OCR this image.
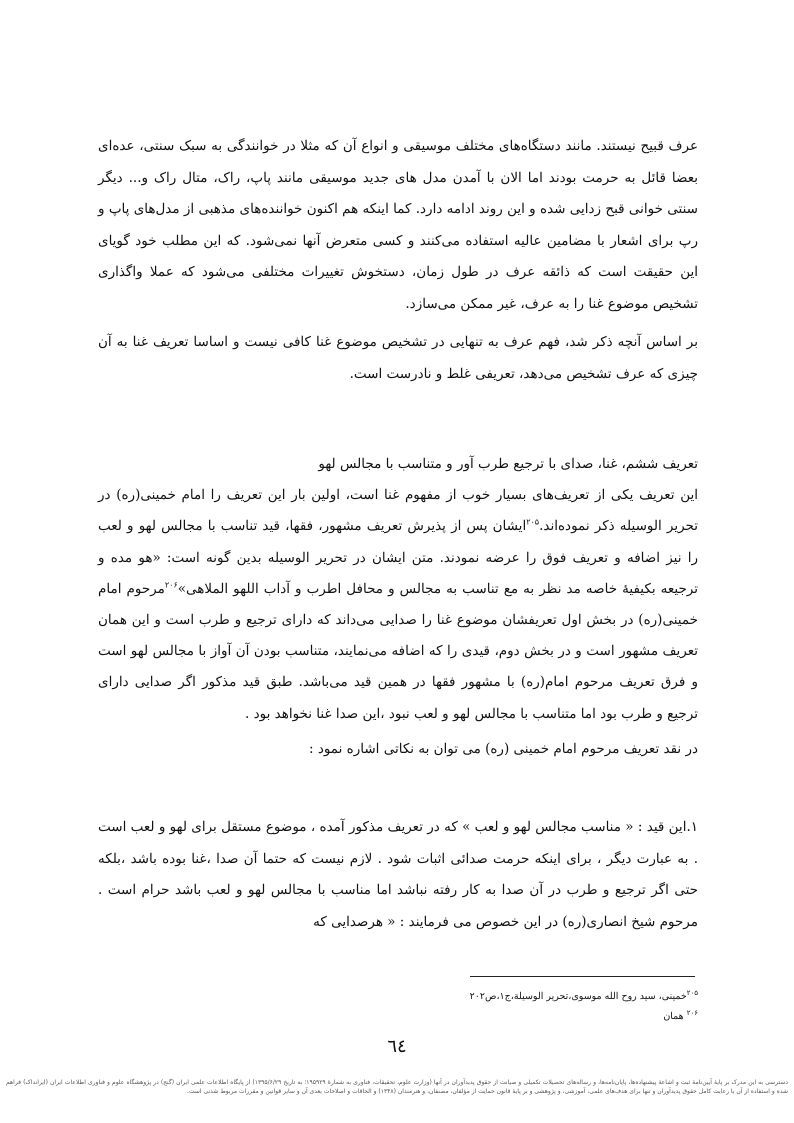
عرف قبیح نیستند. مانند دستگاه‌های مختلف موسیقی و انواع آن که مثلا در خوانندگی به سبک سنتی، عده‌ای بعضا قائل به حرمت بودند اما الان با آمدن مدل های جدید موسیقی مانند پاپ، راک، متال راک و... دیگر سنتی خوانی قبح زدایی شده و این روند ادامه دارد. کما اینکه هم اکنون خواننده‌های مذهبی از مدل‌های پاپ و رپ برای اشعار با مضامین عالیه استفاده می‌کنند و کسی متعرض آنها نمی‌شود. که این مطلب خود گویای این حقیقت است که ذائقه عرف در طول زمان، دستخوش تغییرات مختلفی می‌شود که عملا واگذاری تشخیص موضوع غنا را به عرف، غیر ممکن می‌سازد.

بر اساس آنچه ذکر شد، فهم عرف به تنهایی در تشخیص موضوع غنا کافی نیست و اساسا تعریف غنا به آن چیزی که عرف تشخیص می‌دهد، تعریفی غلط و نادرست است.

تعریف ششم، غنا، صدای با ترجیع طرب آور و متناسب با مجالس لهو

این تعریف یکی از تعریف‌های بسیار خوب از مفهوم غنا است، اولین بار این تعریف را امام خمینی(ره) در تحریر الوسیله ذکر نموده‌اند.$^{۲۰۵}$ایشان پس از پذیرش تعریف مشهور، فقها، قید تناسب با مجالس لهو و لعب را نیز اضافه و تعریف فوق را عرضه نمودند. متن ایشان در تحریر الوسیله بدین گونه است: «هو مده و ترجیعه بکیفیهٔ خاصه مد نظر به مع تناسب به مجالس و محافل اطرب و آداب اللهو الملاهی»$^{۲۰۶}$مرحوم امام خمینی(ره) در بخش اول تعریفشان موضوع غنا را صدایی می‌داند که دارای ترجیع و طرب است و این همان تعریف مشهور است و در بخش دوم، قیدی را که اضافه می‌نمایند، متناسب بودن آن آواز با مجالس لهو است و فرق تعریف مرحوم امام(ره) با مشهور فقها در همین قید می‌باشد. طبق قید مذکور اگر صدایی دارای ترجیع و طرب بود اما متناسب با مجالس لهو و لعب نبود ،این صدا غنا نخواهد بود .

در نقد تعریف مرحوم امام خمینی (ره) می توان به نکاتی اشاره نمود :

۱.این قید : « مناسب مجالس لهو و لعب » که در تعریف مذکور آمده ، موضوع مستقل برای لهو و لعب است . به عبارت دیگر ، برای اینکه حرمت صدائی اثبات شود . لازم نیست که حتما آن صدا ،غنا بوده باشد ،بلکه حتی اگر ترجیع و طرب در آن صدا به کار رفته نباشد اما مناسب با مجالس لهو و لعب باشد حرام است . مرحوم شیخ انصاری(ره) در این خصوص می فرمایند : « هرصدایی که

$^{۲۰۵}$خمینی، سید روح الله موسوی،تحریر الوسیلة،ج۱،ص۲۰۲

$^{۲۰۶}$ همان

٦٤
دسترسی به این مدرک بر پایهٔ آیین‌نامهٔ ثبت و اشاعهٔ پیشنهاده‌ها، پایان‌نامه‌ها، و رساله‌های تحصیلات تکمیلی و صیانت از حقوق پدیدآوران در آنها (وزارت علوم، تحقیقات، فناوری به شمارهٔ ۱۹۵۹۲۹؛ به تاریخ ۱۳۹۵/۶/۲۹) از پایگاه اطلاعات علمی ایران (گنج) در پژوهشگاه علوم و فناوری اطلاعات ایران (ایرانداک) فراهم شده و استفاده از آن با رعایت کامل حقوق پدیدآوران و تنها برای هدف‌های علمی، آموزشی، و پژوهشی و بر پایهٔ قانون حمایت از مؤلفان، مصنفان، و هنرمندان (۱۳۴۸) و الحاقات و اصلاحات بعدی آن و سایر قوانین و مقررات مربوط شدنی است.
